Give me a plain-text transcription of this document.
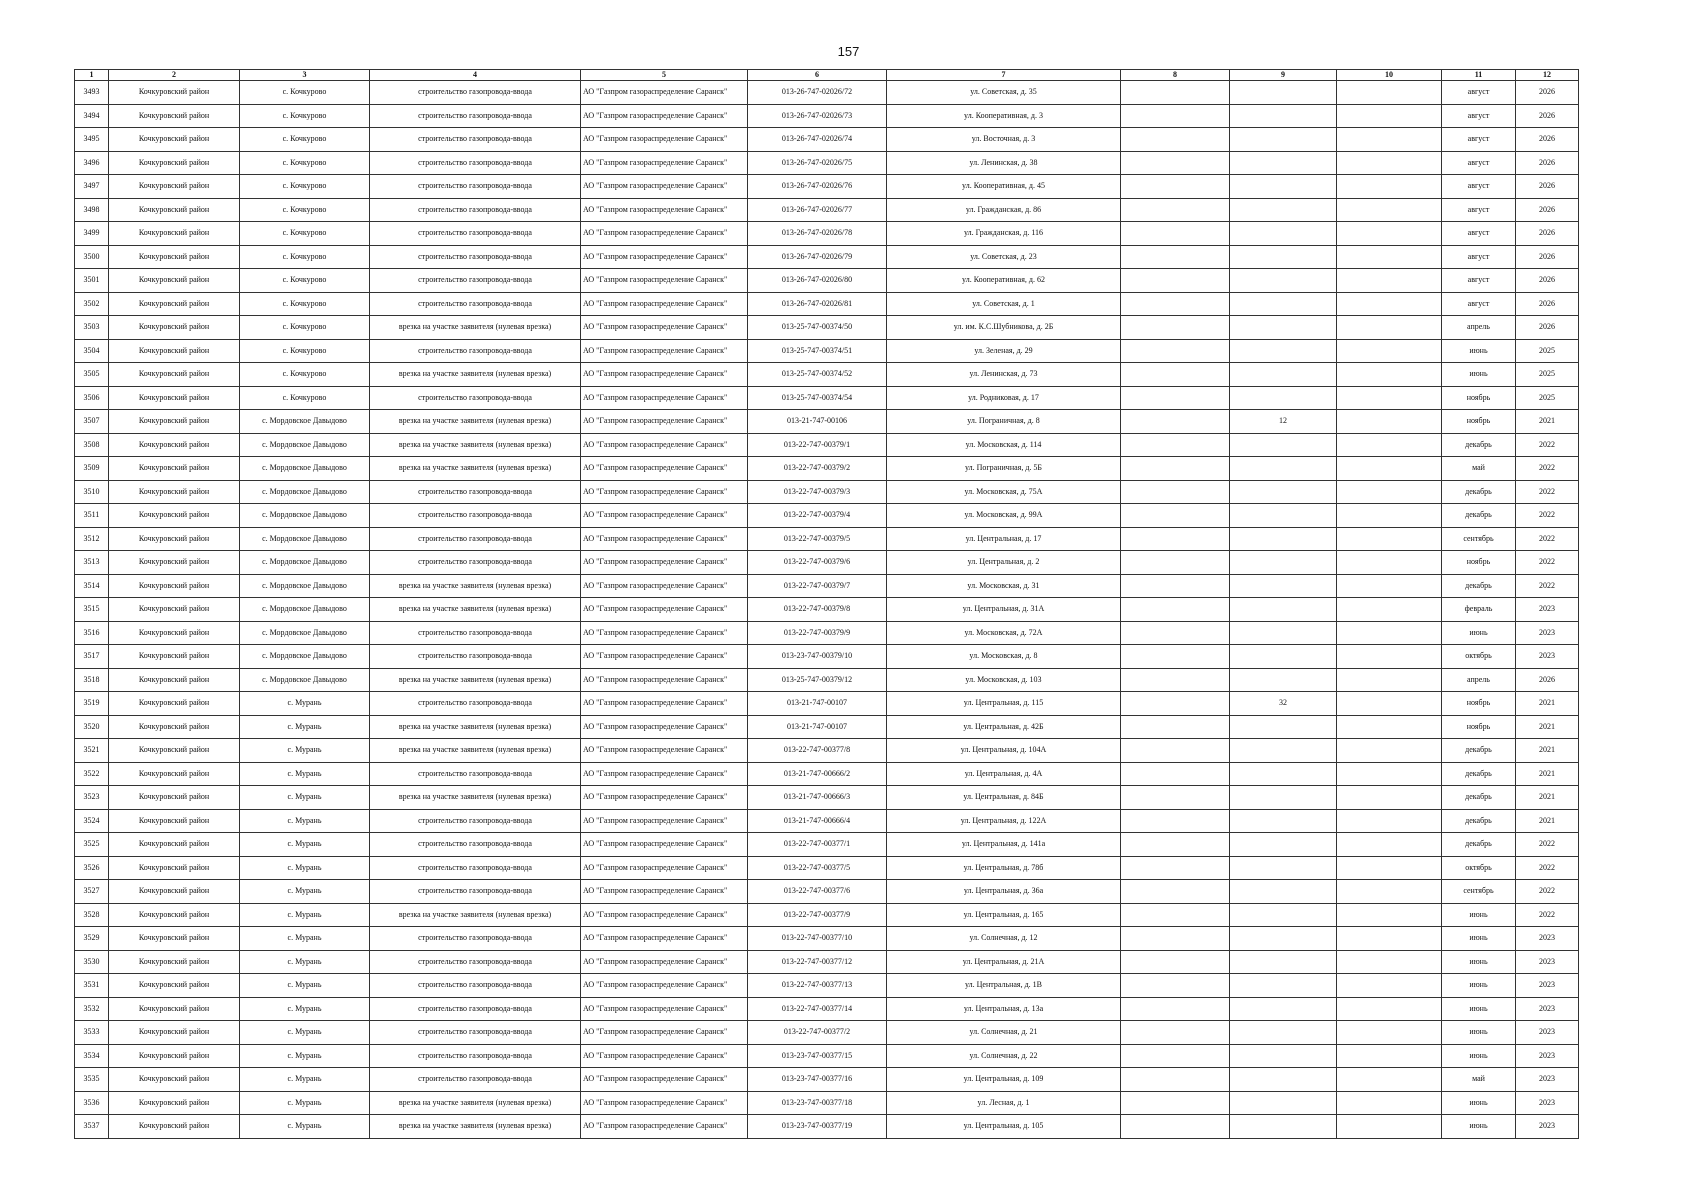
157
1	2	3	4	5	6	7	8	9	10	11	12
3493	Кочкуровский район	с. Кочкурово	строительство газопровода-ввода	АО "Газпром газораспределение Саранск"	013-26-747-02026/72	ул. Советская, д. 35				август	2026
3494	Кочкуровский район	с. Кочкурово	строительство газопровода-ввода	АО "Газпром газораспределение Саранск"	013-26-747-02026/73	ул. Кооперативная, д. 3				август	2026
3495	Кочкуровский район	с. Кочкурово	строительство газопровода-ввода	АО "Газпром газораспределение Саранск"	013-26-747-02026/74	ул. Восточная, д. 3				август	2026
3496	Кочкуровский район	с. Кочкурово	строительство газопровода-ввода	АО "Газпром газораспределение Саранск"	013-26-747-02026/75	ул. Ленинская, д. 38				август	2026
3497	Кочкуровский район	с. Кочкурово	строительство газопровода-ввода	АО "Газпром газораспределение Саранск"	013-26-747-02026/76	ул. Кооперативная, д. 45				август	2026
3498	Кочкуровский район	с. Кочкурово	строительство газопровода-ввода	АО "Газпром газораспределение Саранск"	013-26-747-02026/77	ул. Гражданская, д. 86				август	2026
3499	Кочкуровский район	с. Кочкурово	строительство газопровода-ввода	АО "Газпром газораспределение Саранск"	013-26-747-02026/78	ул. Гражданская, д. 116				август	2026
3500	Кочкуровский район	с. Кочкурово	строительство газопровода-ввода	АО "Газпром газораспределение Саранск"	013-26-747-02026/79	ул. Советская, д. 23				август	2026
3501	Кочкуровский район	с. Кочкурово	строительство газопровода-ввода	АО "Газпром газораспределение Саранск"	013-26-747-02026/80	ул. Кооперативная, д. 62				август	2026
3502	Кочкуровский район	с. Кочкурово	строительство газопровода-ввода	АО "Газпром газораспределение Саранск"	013-26-747-02026/81	ул. Советская, д. 1				август	2026
3503	Кочкуровский район	с. Кочкурово	врезка на участке заявителя (нулевая врезка)	АО "Газпром газораспределение Саранск"	013-25-747-00374/50	ул. им. К.С.Шубникова, д. 2Б				апрель	2026
3504	Кочкуровский район	с. Кочкурово	строительство газопровода-ввода	АО "Газпром газораспределение Саранск"	013-25-747-00374/51	ул. Зеленая, д. 29				июнь	2025
3505	Кочкуровский район	с. Кочкурово	врезка на участке заявителя (нулевая врезка)	АО "Газпром газораспределение Саранск"	013-25-747-00374/52	ул. Ленинская, д. 73				июнь	2025
3506	Кочкуровский район	с. Кочкурово	строительство газопровода-ввода	АО "Газпром газораспределение Саранск"	013-25-747-00374/54	ул. Родниковая, д. 17				ноябрь	2025
3507	Кочкуровский район	с. Мордовское Давыдово	врезка на участке заявителя (нулевая врезка)	АО "Газпром газораспределение Саранск"	013-21-747-00106	ул. Пограничная, д. 8		12		ноябрь	2021
3508	Кочкуровский район	с. Мордовское Давыдово	врезка на участке заявителя (нулевая врезка)	АО "Газпром газораспределение Саранск"	013-22-747-00379/1	ул. Московская, д. 114				декабрь	2022
3509	Кочкуровский район	с. Мордовское Давыдово	врезка на участке заявителя (нулевая врезка)	АО "Газпром газораспределение Саранск"	013-22-747-00379/2	ул. Пограничная, д. 5Б				май	2022
3510	Кочкуровский район	с. Мордовское Давыдово	строительство газопровода-ввода	АО "Газпром газораспределение Саранск"	013-22-747-00379/3	ул. Московская, д. 75А				декабрь	2022
3511	Кочкуровский район	с. Мордовское Давыдово	строительство газопровода-ввода	АО "Газпром газораспределение Саранск"	013-22-747-00379/4	ул. Московская, д. 99А				декабрь	2022
3512	Кочкуровский район	с. Мордовское Давыдово	строительство газопровода-ввода	АО "Газпром газораспределение Саранск"	013-22-747-00379/5	ул. Центральная, д. 17				сентябрь	2022
3513	Кочкуровский район	с. Мордовское Давыдово	строительство газопровода-ввода	АО "Газпром газораспределение Саранск"	013-22-747-00379/6	ул. Центральная, д. 2				ноябрь	2022
3514	Кочкуровский район	с. Мордовское Давыдово	врезка на участке заявителя (нулевая врезка)	АО "Газпром газораспределение Саранск"	013-22-747-00379/7	ул. Московская, д. 31				декабрь	2022
3515	Кочкуровский район	с. Мордовское Давыдово	врезка на участке заявителя (нулевая врезка)	АО "Газпром газораспределение Саранск"	013-22-747-00379/8	ул. Центральная, д. 31А				февраль	2023
3516	Кочкуровский район	с. Мордовское Давыдово	строительство газопровода-ввода	АО "Газпром газораспределение Саранск"	013-22-747-00379/9	ул. Московская, д. 72А				июнь	2023
3517	Кочкуровский район	с. Мордовское Давыдово	строительство газопровода-ввода	АО "Газпром газораспределение Саранск"	013-23-747-00379/10	ул. Московская, д. 8				октябрь	2023
3518	Кочкуровский район	с. Мордовское Давыдово	врезка на участке заявителя (нулевая врезка)	АО "Газпром газораспределение Саранск"	013-25-747-00379/12	ул. Московская, д. 103				апрель	2026
3519	Кочкуровский район	с. Мурань	строительство газопровода-ввода	АО "Газпром газораспределение Саранск"	013-21-747-00107	ул. Центральная, д. 115		32		ноябрь	2021
3520	Кочкуровский район	с. Мурань	врезка на участке заявителя (нулевая врезка)	АО "Газпром газораспределение Саранск"	013-21-747-00107	ул. Центральная, д. 42Б				ноябрь	2021
3521	Кочкуровский район	с. Мурань	врезка на участке заявителя (нулевая врезка)	АО "Газпром газораспределение Саранск"	013-22-747-00377/8	ул. Центральная, д. 104А				декабрь	2021
3522	Кочкуровский район	с. Мурань	строительство газопровода-ввода	АО "Газпром газораспределение Саранск"	013-21-747-00666/2	ул. Центральная, д. 4А				декабрь	2021
3523	Кочкуровский район	с. Мурань	врезка на участке заявителя (нулевая врезка)	АО "Газпром газораспределение Саранск"	013-21-747-00666/3	ул. Центральная, д. 84Б				декабрь	2021
3524	Кочкуровский район	с. Мурань	строительство газопровода-ввода	АО "Газпром газораспределение Саранск"	013-21-747-00666/4	ул. Центральная, д. 122А				декабрь	2021
3525	Кочкуровский район	с. Мурань	строительство газопровода-ввода	АО "Газпром газораспределение Саранск"	013-22-747-00377/1	ул. Центральная, д. 141а				декабрь	2022
3526	Кочкуровский район	с. Мурань	строительство газопровода-ввода	АО "Газпром газораспределение Саранск"	013-22-747-00377/5	ул. Центральная, д. 78б				октябрь	2022
3527	Кочкуровский район	с. Мурань	строительство газопровода-ввода	АО "Газпром газораспределение Саранск"	013-22-747-00377/6	ул. Центральная, д. 36а				сентябрь	2022
3528	Кочкуровский район	с. Мурань	врезка на участке заявителя (нулевая врезка)	АО "Газпром газораспределение Саранск"	013-22-747-00377/9	ул. Центральная, д. 165				июнь	2022
3529	Кочкуровский район	с. Мурань	строительство газопровода-ввода	АО "Газпром газораспределение Саранск"	013-22-747-00377/10	ул. Солнечная, д. 12				июнь	2023
3530	Кочкуровский район	с. Мурань	строительство газопровода-ввода	АО "Газпром газораспределение Саранск"	013-22-747-00377/12	ул. Центральная, д. 21А				июнь	2023
3531	Кочкуровский район	с. Мурань	строительство газопровода-ввода	АО "Газпром газораспределение Саранск"	013-22-747-00377/13	ул. Центральная, д. 1В				июнь	2023
3532	Кочкуровский район	с. Мурань	строительство газопровода-ввода	АО "Газпром газораспределение Саранск"	013-22-747-00377/14	ул. Центральная, д. 13а				июнь	2023
3533	Кочкуровский район	с. Мурань	строительство газопровода-ввода	АО "Газпром газораспределение Саранск"	013-22-747-00377/2	ул. Солнечная, д. 21				июнь	2023
3534	Кочкуровский район	с. Мурань	строительство газопровода-ввода	АО "Газпром газораспределение Саранск"	013-23-747-00377/15	ул. Солнечная, д. 22				июнь	2023
3535	Кочкуровский район	с. Мурань	строительство газопровода-ввода	АО "Газпром газораспределение Саранск"	013-23-747-00377/16	ул. Центральная, д. 109				май	2023
3536	Кочкуровский район	с. Мурань	врезка на участке заявителя (нулевая врезка)	АО "Газпром газораспределение Саранск"	013-23-747-00377/18	ул. Лесная, д. 1				июнь	2023
3537	Кочкуровский район	с. Мурань	врезка на участке заявителя (нулевая врезка)	АО "Газпром газораспределение Саранск"	013-23-747-00377/19	ул. Центральная, д. 105				июнь	2023
